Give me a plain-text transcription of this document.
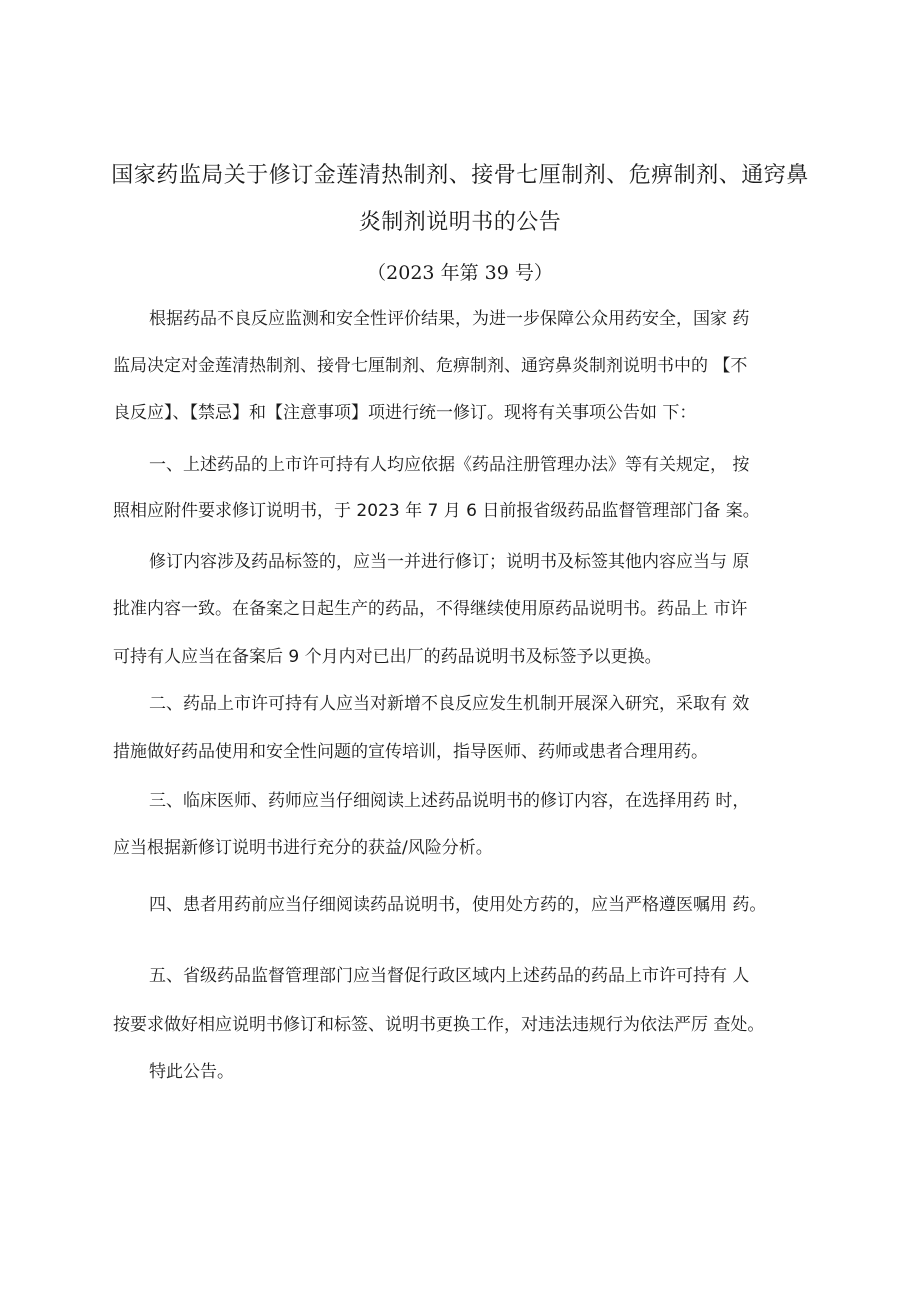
国家药监局关于修订金莲清热制剂、接骨七厘制剂、危痹制剂、通窍鼻
炎制剂说明书的公告
（2023 年第 39 号）
根据药品不良反应监测和安全性评价结果，为进一步保障公众用药安全，国家 药
监局决定对金莲清热制剂、接骨七厘制剂、危痹制剂、通窍鼻炎制剂说明书中的 【不
良反应】、【禁忌】和【注意事项】项进行统一修订。现将有关事项公告如 下：
一、上述药品的上市许可持有人均应依据《药品注册管理办法》等有关规定， 按
照相应附件要求修订说明书，于 2023 年 7 月 6 日前报省级药品监督管理部门备 案。
修订内容涉及药品标签的，应当一并进行修订；说明书及标签其他内容应当与 原
批准内容一致。在备案之日起生产的药品，不得继续使用原药品说明书。药品上 市许
可持有人应当在备案后 9 个月内对已出厂的药品说明书及标签予以更换。
二、药品上市许可持有人应当对新增不良反应发生机制开展深入研究，采取有 效
措施做好药品使用和安全性问题的宣传培训，指导医师、药师或患者合理用药。
三、临床医师、药师应当仔细阅读上述药品说明书的修订内容，在选择用药 时，
应当根据新修订说明书进行充分的获益/风险分析。
四、患者用药前应当仔细阅读药品说明书，使用处方药的，应当严格遵医嘱用 药。
五、省级药品监督管理部门应当督促行政区域内上述药品的药品上市许可持有 人
按要求做好相应说明书修订和标签、说明书更换工作，对违法违规行为依法严厉 查处。
特此公告。
